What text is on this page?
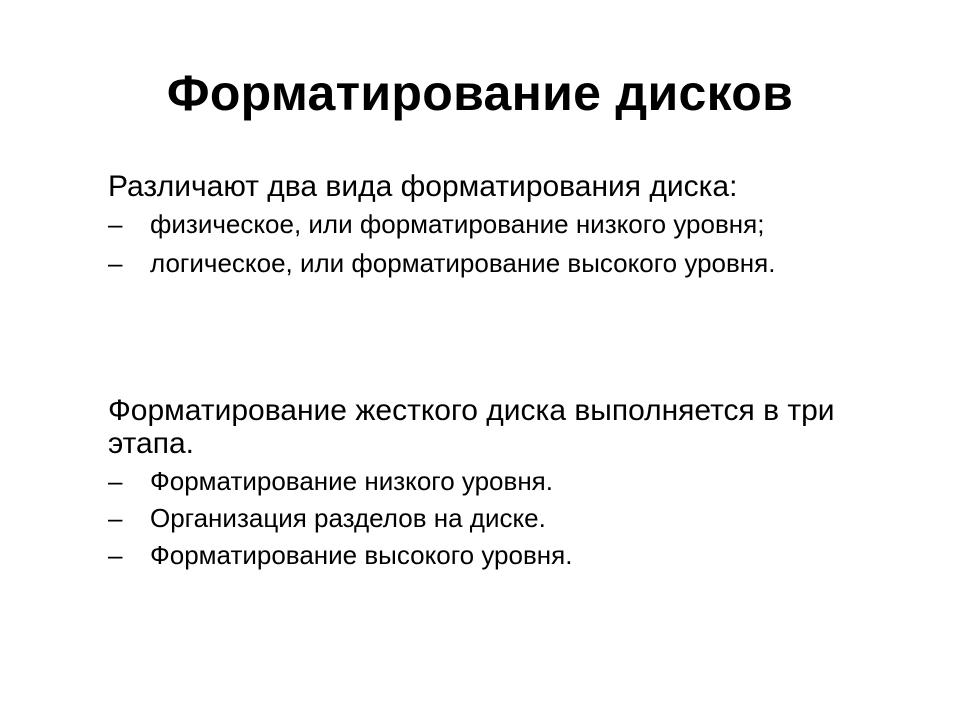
Форматирование дисков

Различают два вида форматирования диска:

– физическое, или форматирование низкого уровня;
– логическое, или форматирование высокого уровня.

Форматирование жесткого диска выполняется в три этапа.

– Форматирование низкого уровня.
– Организация разделов на диске.
– Форматирование высокого уровня.
